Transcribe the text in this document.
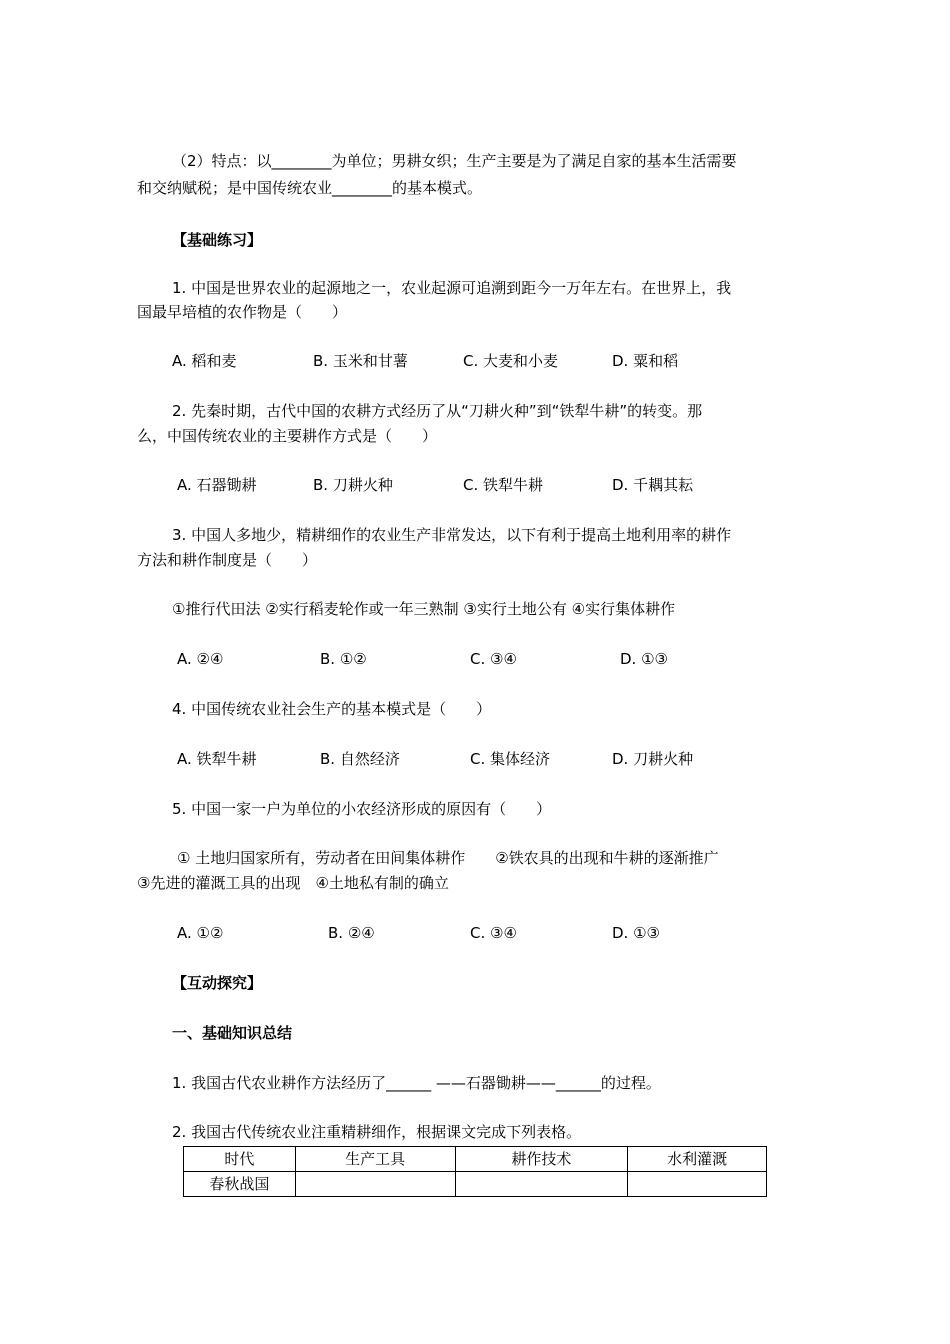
（2）特点：以________为单位；男耕女织；生产主要是为了满足自家的基本生活需要
和交纳赋税；是中国传统农业________的基本模式。
【基础练习】
1. 中国是世界农业的起源地之一，农业起源可追溯到距今一万年左右。在世界上，我
国最早培植的农作物是（　　）
A. 稻和麦	B. 玉米和甘薯	C. 大麦和小麦	D. 粟和稻
2. 先秦时期，古代中国的农耕方式经历了从“刀耕火种”到“铁犁牛耕”的转变。那
么，中国传统农业的主要耕作方式是（　　）
A. 石器锄耕	B. 刀耕火种	C. 铁犁牛耕	D. 千耦其耘
3. 中国人多地少，精耕细作的农业生产非常发达，以下有利于提高土地利用率的耕作
方法和耕作制度是（　　）
①推行代田法 ②实行稻麦轮作或一年三熟制 ③实行土地公有 ④实行集体耕作
A. ②④	B. ①②	C. ③④	D. ①③
4. 中国传统农业社会生产的基本模式是（　　）
A. 铁犁牛耕	B. 自然经济	C. 集体经济	D. 刀耕火种
5. 中国一家一户为单位的小农经济形成的原因有（　　）
① 土地归国家所有，劳动者在田间集体耕作　　②铁农具的出现和牛耕的逐渐推广
③先进的灌溉工具的出现　④土地私有制的确立
A. ①②	B. ②④	C. ③④	D. ①③
【互动探究】
一、基础知识总结
1. 我国古代农业耕作方法经历了______ ——石器锄耕——______的过程。
2. 我国古代传统农业注重精耕细作，根据课文完成下列表格。
时代	生产工具	耕作技术	水利灌溉
春秋战国			
